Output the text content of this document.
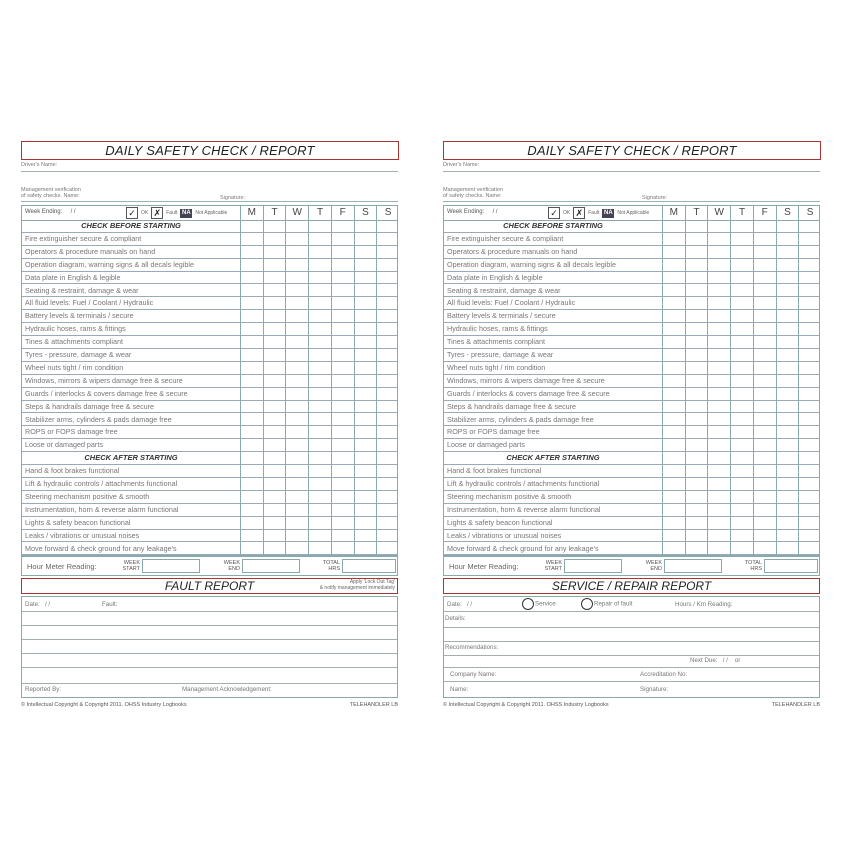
DAILY SAFETY CHECK / REPORT
Driver's Name:
Management verification
of safety checks. Name:	Signature:
Week Ending: / /	✓	OK ✗	Fault NA Not Applicable	M	T	W	T	F	S	S
CHECK BEFORE STARTING
Fire extinguisher secure & compliant
Operators & procedure manuals on hand
Operation diagram, warning signs & all decals legible
Data plate in English & legible
Seating & restraint, damage & wear
All fluid levels: Fuel / Coolant / Hydraulic
Battery levels & terminals / secure
Hydraulic hoses, rams & fittings
Tines & attachments compliant
Tyres - pressure, damage & wear
Wheel nuts tight / rim condition
Windows, mirrors & wipers damage free & secure
Guards / interlocks & covers damage free & secure
Steps & handrails damage free & secure
Stabilizer arms, cylinders & pads damage free
ROPS or FOPS damage free
Loose or damaged parts
CHECK AFTER STARTING
Hand & foot brakes functional
Lift & hydraulic controls / attachments functional
Steering mechanism positive & smooth
Instrumentation, horn & reverse alarm functional
Lights & safety beacon functional
Leaks / vibrations or unusual noises
Move forward & check ground for any leakage's
Hour Meter Reading:	WEEK
START
WEEK
END
TOTAL
HRS
FAULT REPORT	Apply 'Lock Out Tag'
& notify management immediately
Date: / /	Fault:
Reported By:	Management Acknowledgement:
© Intellectual Copyright & Copyright 2011. OHSS Industry Logbooks	TELEHANDLER LB
DAILY SAFETY CHECK / REPORT
Driver's Name:
Management verification
of safety checks. Name:	Signature:
Week Ending: / /	✓	OK ✗	Fault NA Not Applicable	M	T	W	T	F	S	S
CHECK BEFORE STARTING
Fire extinguisher secure & compliant
Operators & procedure manuals on hand
Operation diagram, warning signs & all decals legible
Data plate in English & legible
Seating & restraint, damage & wear
All fluid levels: Fuel / Coolant / Hydraulic
Battery levels & terminals / secure
Hydraulic hoses, rams & fittings
Tines & attachments compliant
Tyres - pressure, damage & wear
Wheel nuts tight / rim condition
Windows, mirrors & wipers damage free & secure
Guards / interlocks & covers damage free & secure
Steps & handrails damage free & secure
Stabilizer arms, cylinders & pads damage free
ROPS or FOPS damage free
Loose or damaged parts
CHECK AFTER STARTING
Hand & foot brakes functional
Lift & hydraulic controls / attachments functional
Steering mechanism positive & smooth
Instrumentation, horn & reverse alarm functional
Lights & safety beacon functional
Leaks / vibrations or unusual noises
Move forward & check ground for any leakage's
Hour Meter Reading:	WEEK
START
WEEK
END
TOTAL
HRS
SERVICE / REPAIR REPORT
Date: / /	Service	Repair of fault	Hours / Km Reading:
Details:
Recommendations:
Next Due: / / or
Company Name:	Accreditation No:
Name:	Signature:
© Intellectual Copyright & Copyright 2011. OHSS Industry Logbooks	TELEHANDLER LB
